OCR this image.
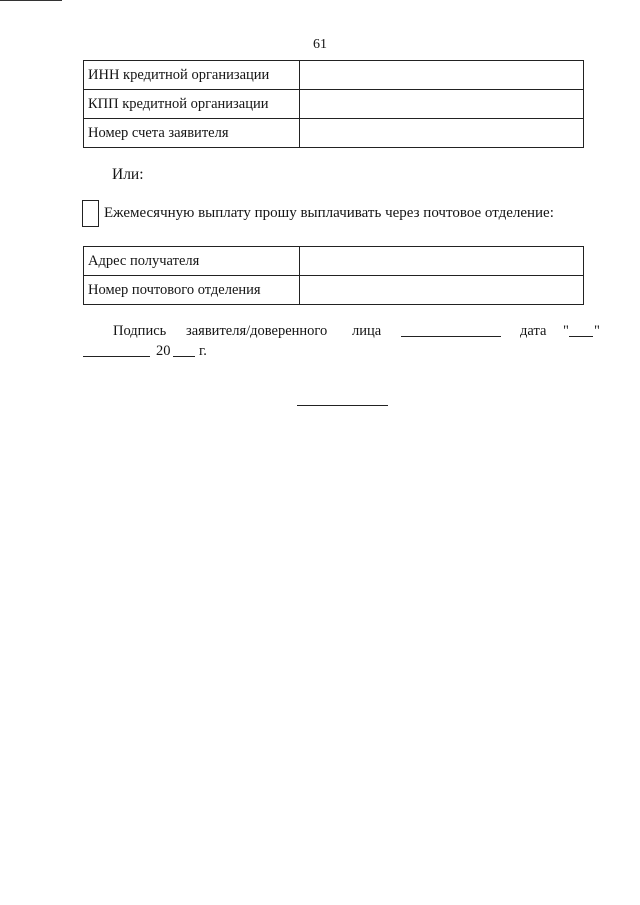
61
ИНН кредитной организации	
КПП кредитной организации	
Номер счета заявителя	
Или:
Ежемесячную выплату прошу выплачивать через почтовое отделение:
Адрес получателя	
Номер почтового отделения	
Подпись заявителя/доверенного лица	дата " "
20 г.
